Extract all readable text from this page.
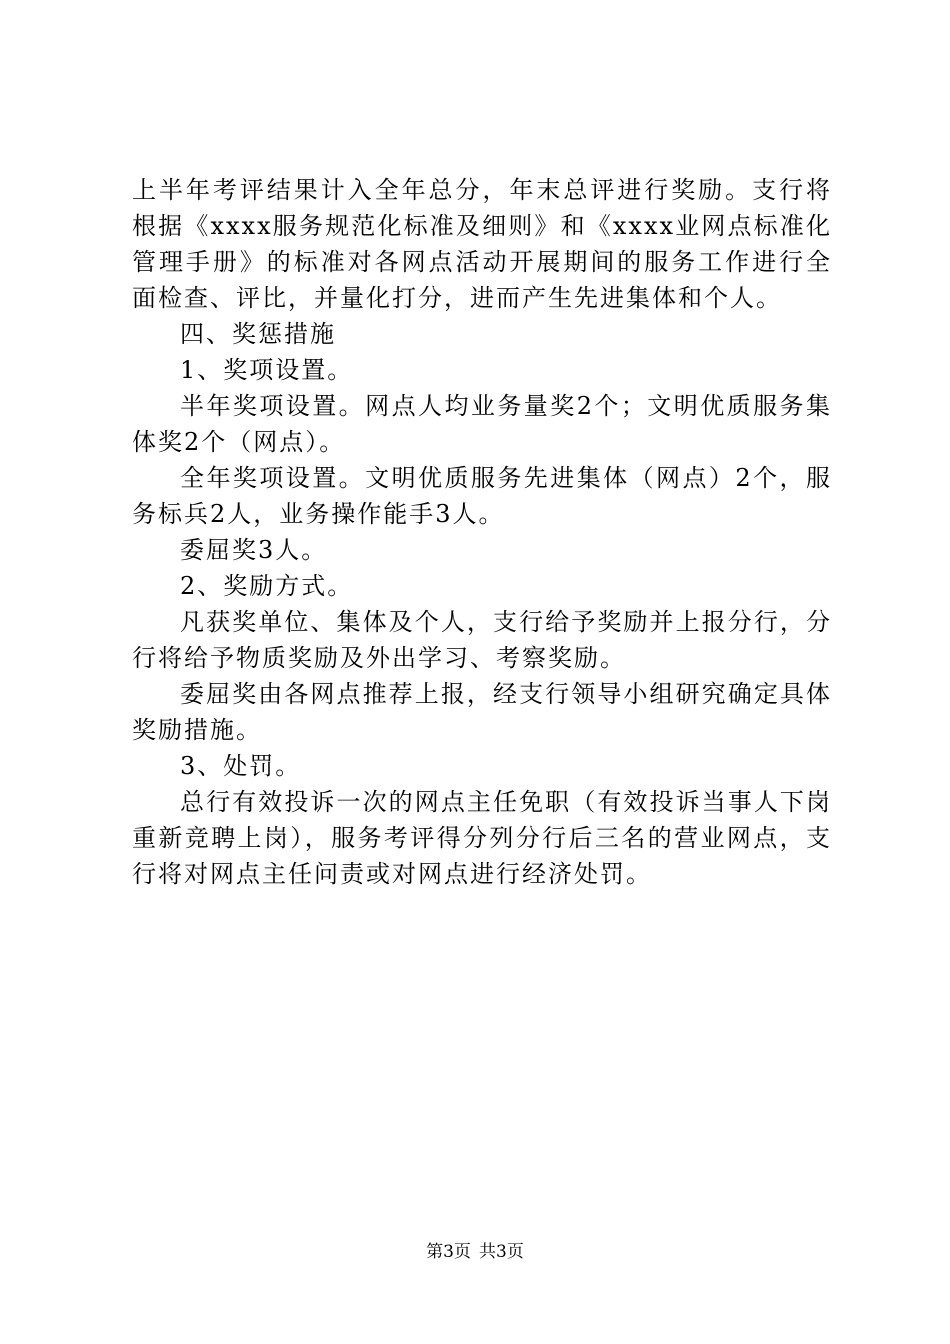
上半年考评结果计入全年总分，年末总评进行奖励。支行将根据《xxxx服务规范化标准及细则》和《xxxx业网点标准化管理手册》的标准对各网点活动开展期间的服务工作进行全面检查、评比，并量化打分，进而产生先进集体和个人。

四、奖惩措施

1、奖项设置。

半年奖项设置。网点人均业务量奖2个；文明优质服务集体奖2个（网点）。

全年奖项设置。文明优质服务先进集体（网点）2个，服务标兵2人，业务操作能手3人。

委屈奖3人。

2、奖励方式。

凡获奖单位、集体及个人，支行给予奖励并上报分行，分行将给予物质奖励及外出学习、考察奖励。

委屈奖由各网点推荐上报，经支行领导小组研究确定具体奖励措施。

3、处罚。

总行有效投诉一次的网点主任免职（有效投诉当事人下岗重新竞聘上岗），服务考评得分列分行后三名的营业网点，支行将对网点主任问责或对网点进行经济处罚。

第3页 共3页
